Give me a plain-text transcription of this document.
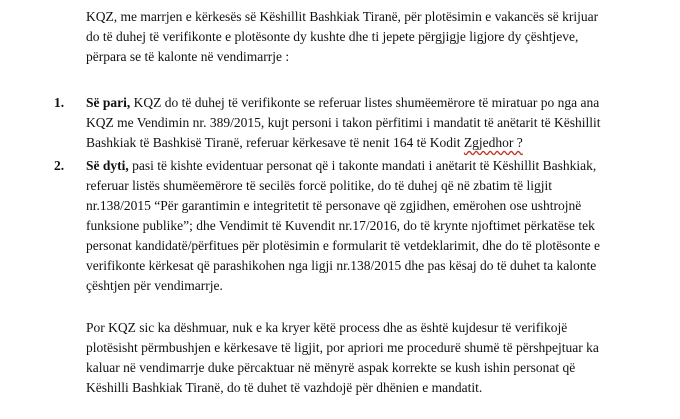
KQZ, me marrjen e kërkesës së Këshillit Bashkiak Tiranë, për plotësimin e vakancës së krijuar
do të duhej të verifikonte e plotësonte dy kushte dhe ti jepete përgjigje ligjore dy çështjeve,
përpara se të kalonte në vendimarrje :
1. Së pari, KQZ do të duhej të verifikonte se referuar listes shumëemërore të miratuar po nga ana
KQZ me Vendimin nr. 389/2015, kujt personi i takon përfitimi i mandatit të anëtarit të Këshillit
Bashkiak të Bashkisë Tiranë, referuar kërkesave të nenit 164 të Kodit Zgjedhor ?
2. Së dyti, pasi të kishte evidentuar personat që i takonte mandati i anëtarit të Këshillit Bashkiak,
referuar listës shumëemërore të secilës forcë politike, do të duhej që në zbatim të ligjit
nr.138/2015 “Për garantimin e integritetit të personave që zgjidhen, emërohen ose ushtrojnë
funksione publike”; dhe Vendimit të Kuvendit nr.17/2016, do të krynte njoftimet përkatëse tek
personat kandidatë/përfitues për plotësimin e formularit të vetdeklarimit, dhe do të plotësonte e
verifikonte kërkesat që parashikohen nga ligji nr.138/2015 dhe pas kësaj do të duhet ta kalonte
çështjen për vendimarrje.
Por KQZ sic ka dëshmuar, nuk e ka kryer këtë process dhe as është kujdesur të verifikojë
plotësisht përmbushjen e kërkesave të ligjit, por apriori me procedurë shumë të përshpejtuar ka
kaluar në vendimarrje duke përcaktuar në mënyrë aspak korrekte se kush ishin personat që
Këshilli Bashkiak Tiranë, do të duhet të vazhdojë për dhënien e mandatit.
